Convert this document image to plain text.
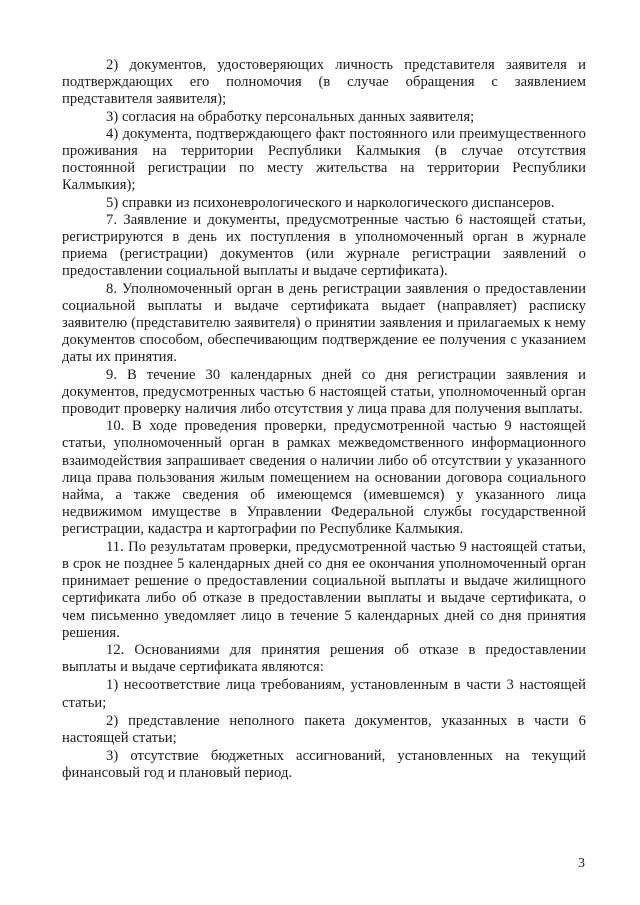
2) документов, удостоверяющих личность представителя заявителя и подтверждающих его полномочия (в случае обращения с заявлением представителя заявителя);

3) согласия на обработку персональных данных заявителя;

4) документа, подтверждающего факт постоянного или преимущественного проживания на территории Республики Калмыкия (в случае отсутствия постоянной регистрации по месту жительства на территории Республики Калмыкия);

5) справки из психоневрологического и наркологического диспансеров.

7. Заявление и документы, предусмотренные частью 6 настоящей статьи, регистрируются в день их поступления в уполномоченный орган в журнале приема (регистрации) документов (или журнале регистрации заявлений о предоставлении социальной выплаты и выдаче сертификата).

8. Уполномоченный орган в день регистрации заявления о предоставлении социальной выплаты и выдаче сертификата выдает (направляет) расписку заявителю (представителю заявителя) о принятии заявления и прилагаемых к нему документов способом, обеспечивающим подтверждение ее получения с указанием даты их принятия.

9. В течение 30 календарных дней со дня регистрации заявления и документов, предусмотренных частью 6 настоящей статьи, уполномоченный орган проводит проверку наличия либо отсутствия у лица права для получения выплаты.

10. В ходе проведения проверки, предусмотренной частью 9 настоящей статьи, уполномоченный орган в рамках межведомственного информационного взаимодействия запрашивает сведения о наличии либо об отсутствии у указанного лица права пользования жилым помещением на основании договора социального найма, а также сведения об имеющемся (имевшемся) у указанного лица недвижимом имуществе в Управлении Федеральной службы государственной регистрации, кадастра и картографии по Республике Калмыкия.

11. По результатам проверки, предусмотренной частью 9 настоящей статьи, в срок не позднее 5 календарных дней со дня ее окончания уполномоченный орган принимает решение о предоставлении социальной выплаты и выдаче жилищного сертификата либо об отказе в предоставлении выплаты и выдаче сертификата, о чем письменно уведомляет лицо в течение 5 календарных дней со дня принятия решения.

12. Основаниями для принятия решения об отказе в предоставлении выплаты и выдаче сертификата являются:

1) несоответствие лица требованиям, установленным в части 3 настоящей статьи;

2) представление неполного пакета документов, указанных в части 6 настоящей статьи;

3) отсутствие бюджетных ассигнований, установленных на текущий финансовый год и плановый период.

3
